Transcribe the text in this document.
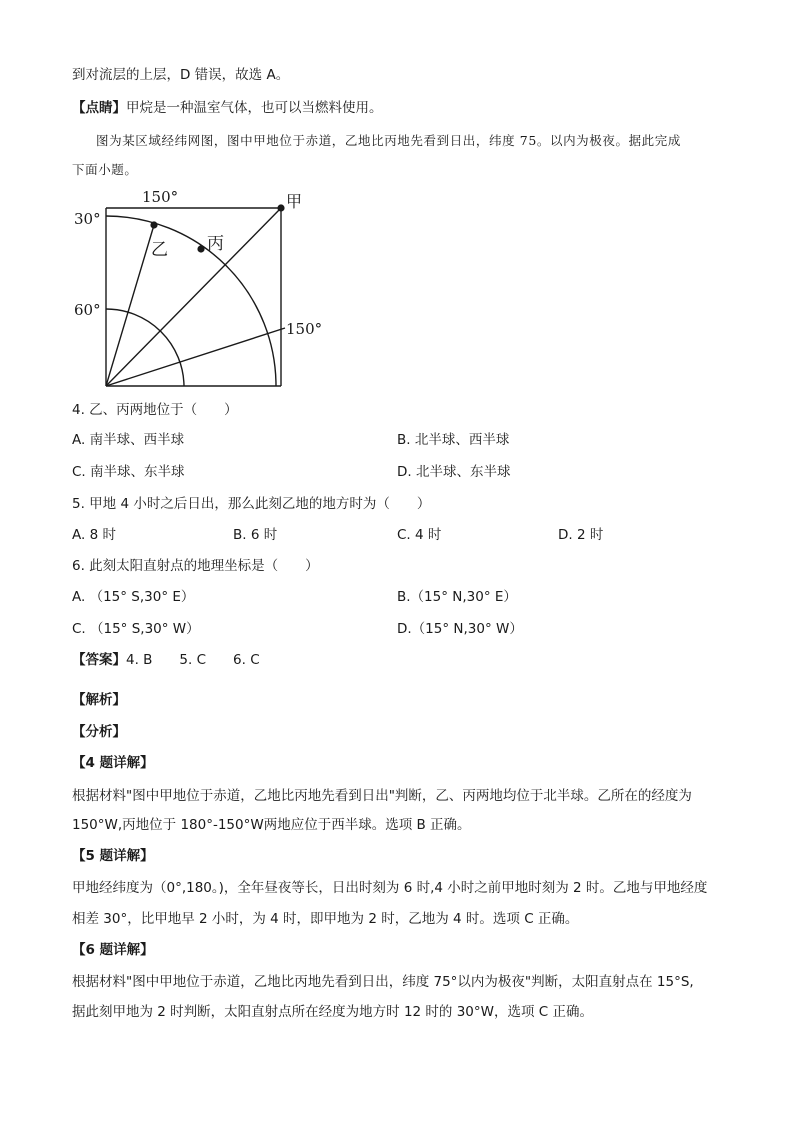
到对流层的上层，D 错误，故选 A。
【点睛】甲烷是一种温室气体，也可以当燃料使用。
图为某区域经纬网图，图中甲地位于赤道，乙地比丙地先看到日出，纬度 75。以内为极夜。据此完成
下面小题。
150°	甲
30°
乙 丙
60°
150°
4. 乙、丙两地位于（　　）
A. 南半球、西半球	B. 北半球、西半球
C. 南半球、东半球	D. 北半球、东半球
5. 甲地 4 小时之后日出，那么此刻乙地的地方时为（　　）
A. 8 时	B. 6 时	C. 4 时	D. 2 时
6. 此刻太阳直射点的地理坐标是（　　）
A. （15° S,30° E）	B.（15° N,30° E）
C. （15° S,30° W）	D.（15° N,30° W）
【答案】4. B　　5. C　　6. C
【解析】
【分析】
【4 题详解】
根据材料"图中甲地位于赤道，乙地比丙地先看到日出"判断，乙、丙两地均位于北半球。乙所在的经度为
150°W,丙地位于 180°-150°W两地应位于西半球。选项 B 正确。
【5 题详解】
甲地经纬度为（0°,180。)，全年昼夜等长，日出时刻为 6 时,4 小时之前甲地时刻为 2 时。乙地与甲地经度
相差 30°，比甲地早 2 小时，为 4 时，即甲地为 2 时，乙地为 4 时。选项 C 正确。
【6 题详解】
根据材料"图中甲地位于赤道，乙地比丙地先看到日出，纬度 75°以内为极夜"判断，太阳直射点在 15°S,
据此刻甲地为 2 时判断，太阳直射点所在经度为地方时 12 时的 30°W，选项 C 正确。
